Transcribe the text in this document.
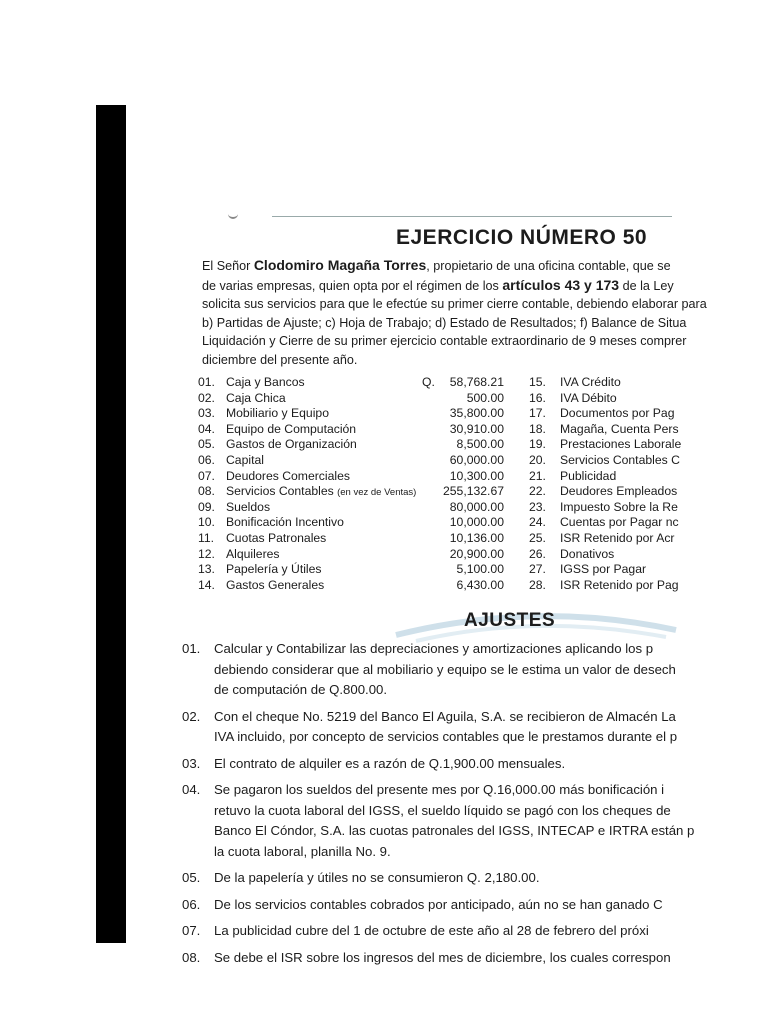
EJERCICIO NÚMERO 50

El Señor Clodomiro Magaña Torres, propietario de una oficina contable, que se

de varias empresas, quien opta por el régimen de los artículos 43 y 173 de la Ley

solicita sus servicios para que le efectúe su primer cierre contable, debiendo elaborar para

b) Partidas de Ajuste; c) Hoja de Trabajo; d) Estado de Resultados; f) Balance de Situa

Liquidación y Cierre de su primer ejercicio contable extraordinario de 9 meses comprer

diciembre del presente año.

01. Caja y Bancos	Q. 58,768.21
02. Caja Chica	500.00
03. Mobiliario y Equipo	35,800.00
04. Equipo de Computación	30,910.00
05. Gastos de Organización	8,500.00
06. Capital	60,000.00
07. Deudores Comerciales	10,300.00
08. Servicios Contables (en vez de Ventas) 255,132.67
09. Sueldos	80,000.00
10. Bonificación Incentivo	10,000.00
11. Cuotas Patronales	10,136.00
12. Alquileres	20,900.00
13. Papelería y Útiles	5,100.00
14. Gastos Generales	6,430.00
15. IVA Crédito
16. IVA Débito
17. Documentos por Pag
18. Magaña, Cuenta Pers
19. Prestaciones Laborale
20. Servicios Contables C
21. Publicidad
22. Deudores Empleados
23. Impuesto Sobre la Re
24. Cuentas por Pagar nc
25. ISR Retenido por Acr
26. Donativos
27. IGSS por Pagar
28. ISR Retenido por Pag
AJUSTES
01. Calcular y Contabilizar las depreciaciones y amortizaciones aplicando los p
debiendo considerar que al mobiliario y equipo se le estima un valor de desech
de computación de Q.800.00.
02. Con el cheque No. 5219 del Banco El Aguila, S.A. se recibieron de Almacén La
IVA incluido, por concepto de servicios contables que le prestamos durante el p
03. El contrato de alquiler es a razón de Q.1,900.00 mensuales.
04. Se pagaron los sueldos del presente mes por Q.16,000.00 más bonificación i
retuvo la cuota laboral del IGSS, el sueldo líquido se pagó con los cheques de
Banco El Cóndor, S.A. las cuotas patronales del IGSS, INTECAP e IRTRA están p
la cuota laboral, planilla No. 9.
05. De la papelería y útiles no se consumieron Q. 2,180.00.
06. De los servicios contables cobrados por anticipado, aún no se han ganado C
07. La publicidad cubre del 1 de octubre de este año al 28 de febrero del próxi
08. Se debe el ISR sobre los ingresos del mes de diciembre, los cuales correspon
